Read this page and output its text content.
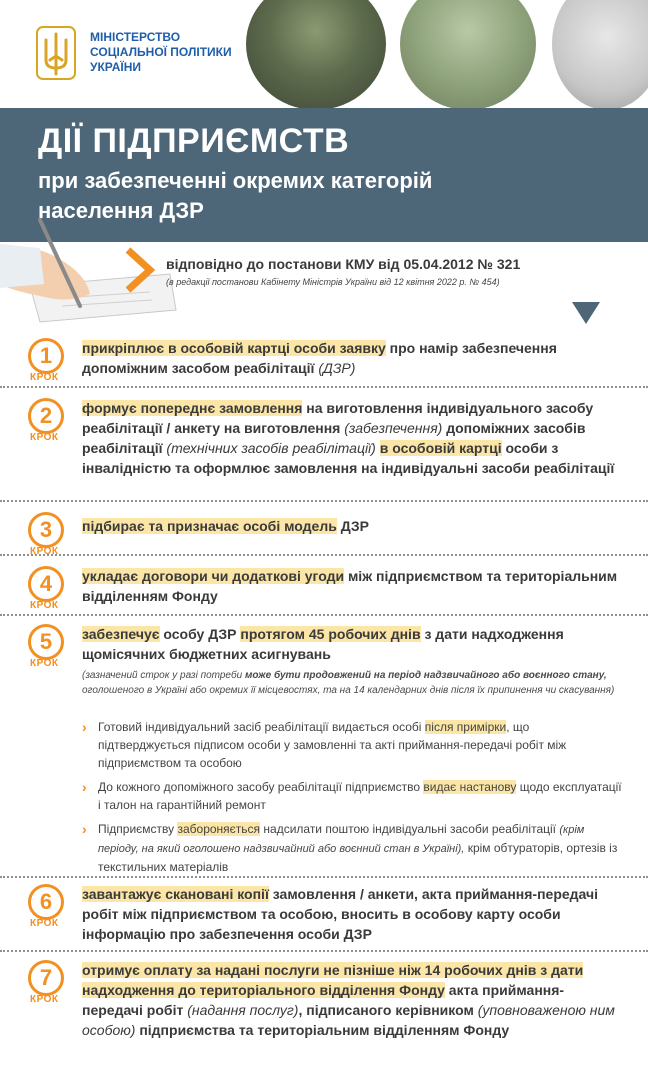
МІНІСТЕРСТВО
СОЦІАЛЬНОЇ ПОЛІТИКИ
УКРАЇНИ
ДІЇ ПІДПРИЄМСТВ
при забезпеченні окремих категорій
населення ДЗР
відповідно до постанови КМУ від 05.04.2012 № 321
(в редакції постанови Кабінету Міністрів України від 12 квітня 2022 р. № 454)
1
КРОК
прикріплює в особовій картці особи заявку про намір забезпечення допоміжним засобом реабілітації (ДЗР)
2
КРОК
формує попереднє замовлення на виготовлення індивідуального засобу реабілітації / анкету на виготовлення (забезпечення) допоміжних засобів реабілітації (технічних засобів реабілітації) в особовій картці особи з інвалідністю та оформлює замовлення на індивідуальні засоби реабілітації
3
КРОК
підбирає та призначає особі модель ДЗР
4
КРОК
укладає договори чи додаткові угоди між підприємством та територіальним відділенням Фонду
5
КРОК
забезпечує особу ДЗР протягом 45 робочих днів з дати надходження щомісячних бюджетних асигнувань
(зазначений строк у разі потреби може бути продовжений на період надзвичайного або воєнного стану, оголошеного в Україні або окремих її місцевостях, та на 14 календарних днів після їх припинення чи скасування)
› Готовий індивідуальний засіб реабілітації видається особі після примірки, що підтверджується підписом особи у замовленні та акті приймання-передачі робіт між підприємством та особою
› До кожного допоміжного засобу реабілітації підприємство видає настанову щодо експлуатації і талон на гарантійний ремонт
› Підприємству забороняється надсилати поштою індивідуальні засоби реабілітації (крім періоду, на який оголошено надзвичайний або воєнний стан в Україні), крім обтураторів, ортезів із текстильних матеріалів
6
КРОК
завантажує скановані копії замовлення / анкети, акта приймання-передачі робіт між підприємством та особою, вносить в особову карту особи інформацію про забезпечення особи ДЗР
7
КРОК
отримує оплату за надані послуги не пізніше ніж 14 робочих днів з дати надходження до територіального відділення Фонду акта приймання-передачі робіт (надання послуг), підписаного керівником (уповноваженою ним особою) підприємства та територіальним відділенням Фонду
